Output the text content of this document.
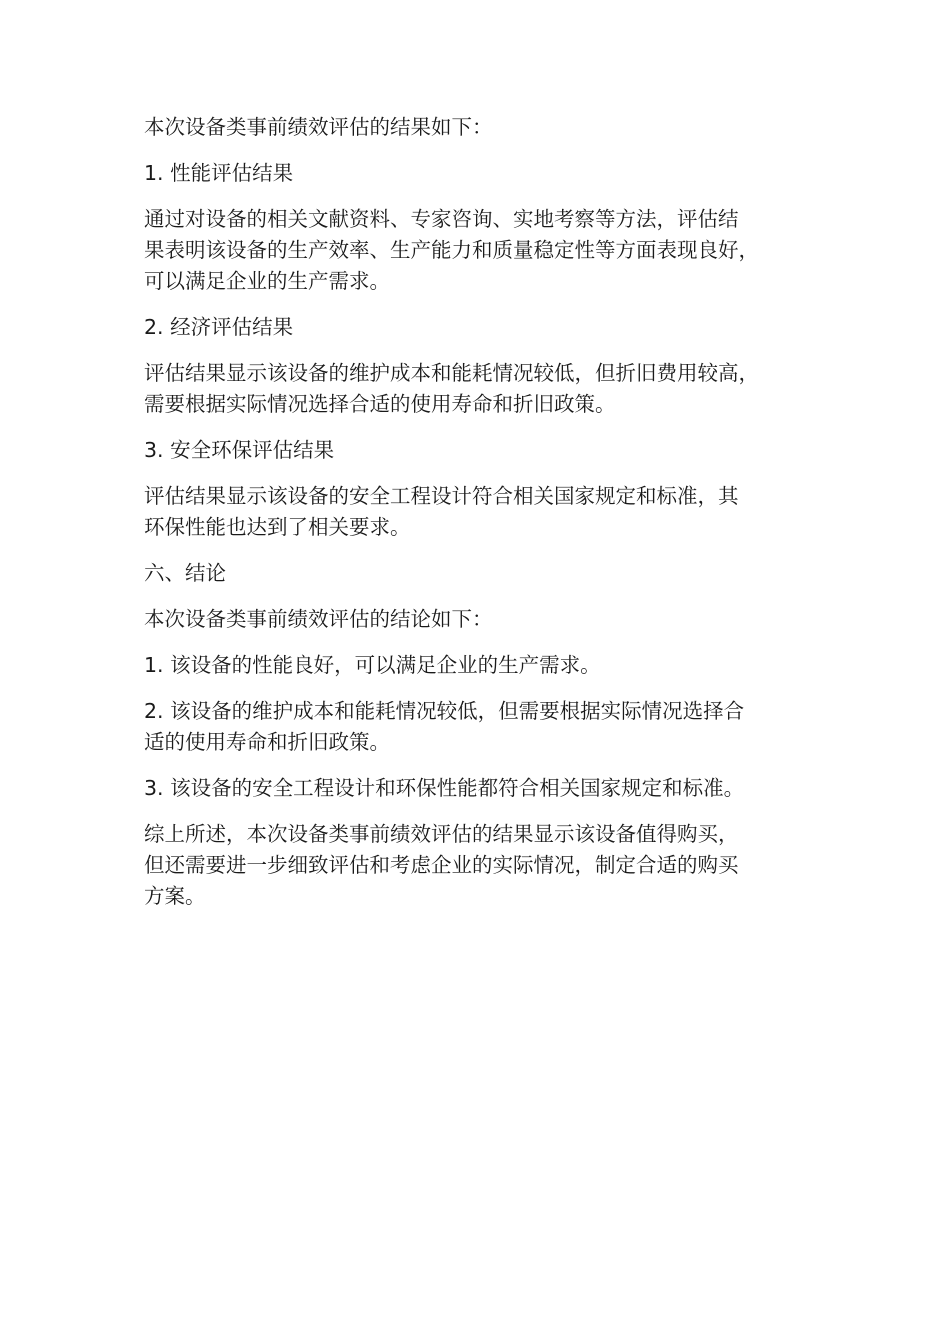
本次设备类事前绩效评估的结果如下：

1. 性能评估结果

通过对设备的相关文献资料、专家咨询、实地考察等方法，评估结
果表明该设备的生产效率、生产能力和质量稳定性等方面表现良好，
可以满足企业的生产需求。

2. 经济评估结果

评估结果显示该设备的维护成本和能耗情况较低，但折旧费用较高，
需要根据实际情况选择合适的使用寿命和折旧政策。

3. 安全环保评估结果

评估结果显示该设备的安全工程设计符合相关国家规定和标准，其
环保性能也达到了相关要求。

六、结论

本次设备类事前绩效评估的结论如下：

1. 该设备的性能良好，可以满足企业的生产需求。

2. 该设备的维护成本和能耗情况较低，但需要根据实际情况选择合
适的使用寿命和折旧政策。

3. 该设备的安全工程设计和环保性能都符合相关国家规定和标准。

综上所述，本次设备类事前绩效评估的结果显示该设备值得购买，
但还需要进一步细致评估和考虑企业的实际情况，制定合适的购买
方案。
